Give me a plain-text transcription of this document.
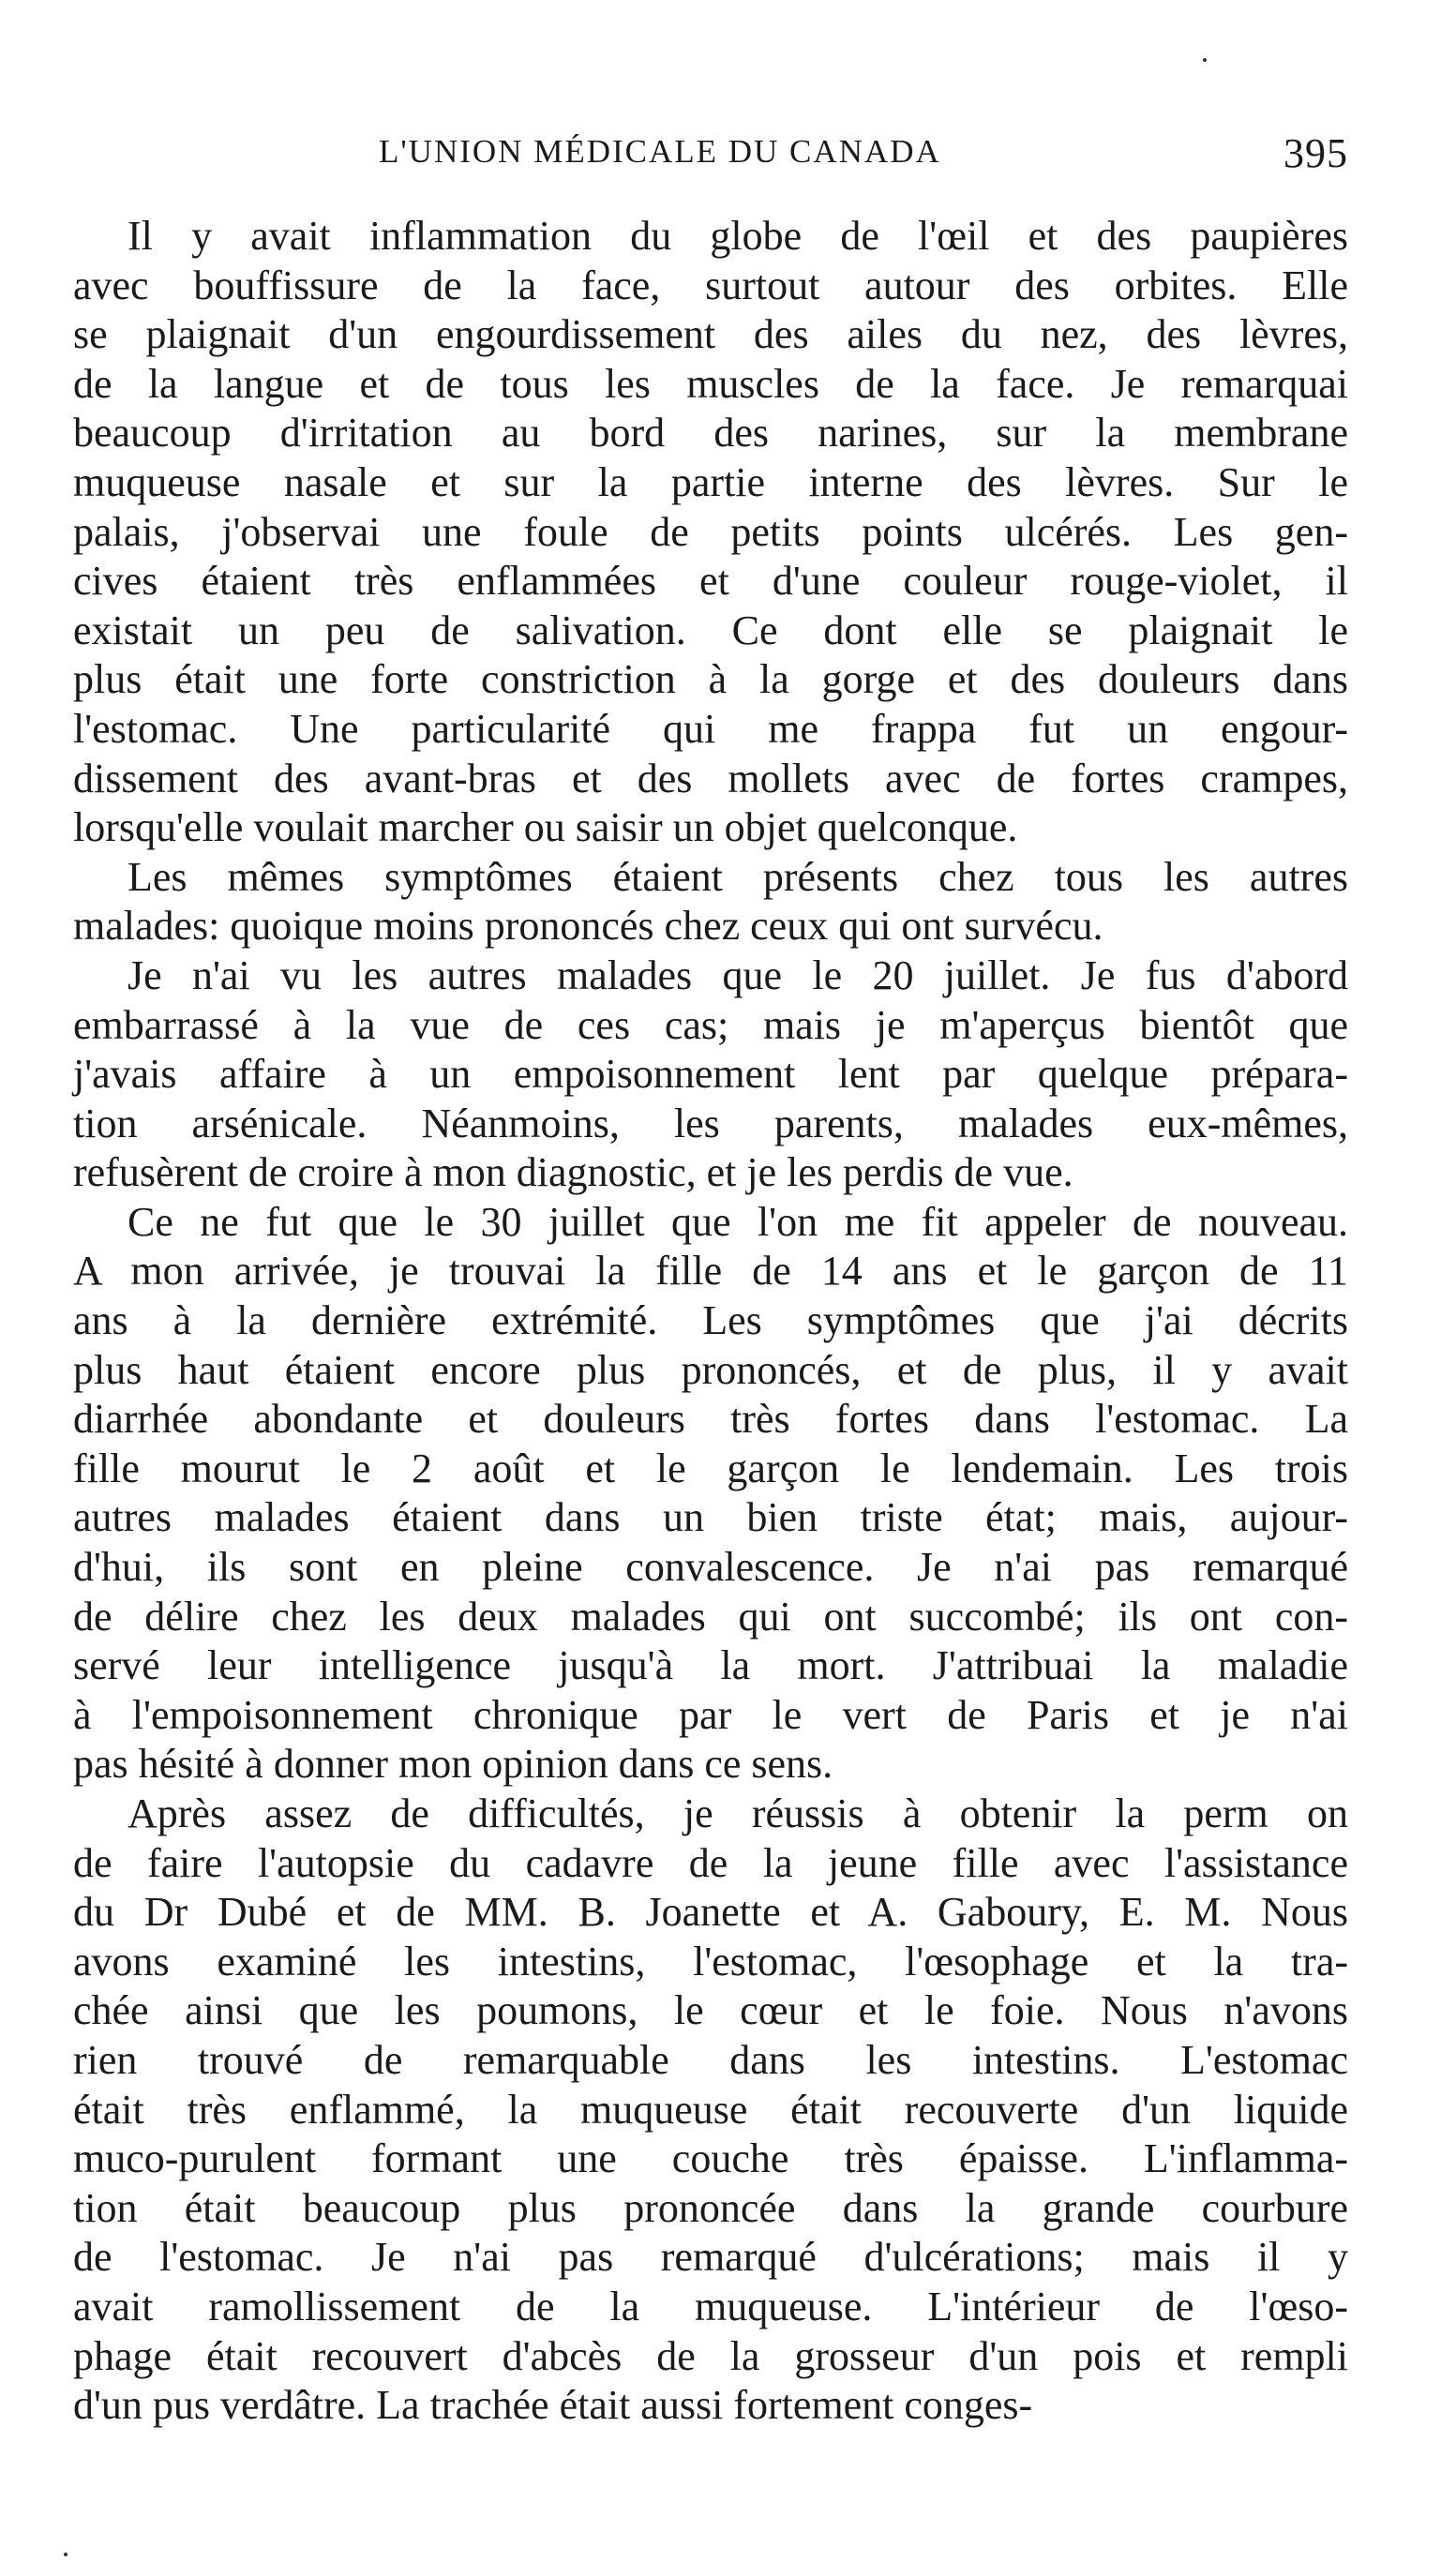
L'UNION MÉDICALE DU CANADA	395
Il y avait inflammation du globe de l'œil et des paupières
avec bouffissure de la face, surtout autour des orbites. Elle
se plaignait d'un engourdissement des ailes du nez, des lèvres,
de la langue et de tous les muscles de la face. Je remarquai
beaucoup d'irritation au bord des narines, sur la membrane
muqueuse nasale et sur la partie interne des lèvres. Sur le
palais, j'observai une foule de petits points ulcérés. Les gen-
cives étaient très enflammées et d'une couleur rouge-violet, il
existait un peu de salivation. Ce dont elle se plaignait le
plus était une forte constriction à la gorge et des douleurs dans
l'estomac. Une particularité qui me frappa fut un engour-
dissement des avant-bras et des mollets avec de fortes crampes,
lorsqu'elle voulait marcher ou saisir un objet quelconque.
Les mêmes symptômes étaient présents chez tous les autres
malades: quoique moins prononcés chez ceux qui ont survécu.
Je n'ai vu les autres malades que le 20 juillet. Je fus d'abord
embarrassé à la vue de ces cas; mais je m'aperçus bientôt que
j'avais affaire à un empoisonnement lent par quelque prépara-
tion arsénicale. Néanmoins, les parents, malades eux-mêmes,
refusèrent de croire à mon diagnostic, et je les perdis de vue.
Ce ne fut que le 30 juillet que l'on me fit appeler de nouveau.
A mon arrivée, je trouvai la fille de 14 ans et le garçon de 11
ans à la dernière extrémité. Les symptômes que j'ai décrits
plus haut étaient encore plus prononcés, et de plus, il y avait
diarrhée abondante et douleurs très fortes dans l'estomac. La
fille mourut le 2 août et le garçon le lendemain. Les trois
autres malades étaient dans un bien triste état; mais, aujour-
d'hui, ils sont en pleine convalescence. Je n'ai pas remarqué
de délire chez les deux malades qui ont succombé; ils ont con-
servé leur intelligence jusqu'à la mort. J'attribuai la maladie
à l'empoisonnement chronique par le vert de Paris et je n'ai
pas hésité à donner mon opinion dans ce sens.
Après assez de difficultés, je réussis à obtenir la perm on
de faire l'autopsie du cadavre de la jeune fille avec l'assistance
du Dr Dubé et de MM. B. Joanette et A. Gaboury, E. M. Nous
avons examiné les intestins, l'estomac, l'œsophage et la tra-
chée ainsi que les poumons, le cœur et le foie. Nous n'avons
rien trouvé de remarquable dans les intestins. L'estomac
était très enflammé, la muqueuse était recouverte d'un liquide
muco-purulent formant une couche très épaisse. L'inflamma-
tion était beaucoup plus prononcée dans la grande courbure
de l'estomac. Je n'ai pas remarqué d'ulcérations; mais il y
avait ramollissement de la muqueuse. L'intérieur de l'œso-
phage était recouvert d'abcès de la grosseur d'un pois et rempli
d'un pus verdâtre. La trachée était aussi fortement conges-
